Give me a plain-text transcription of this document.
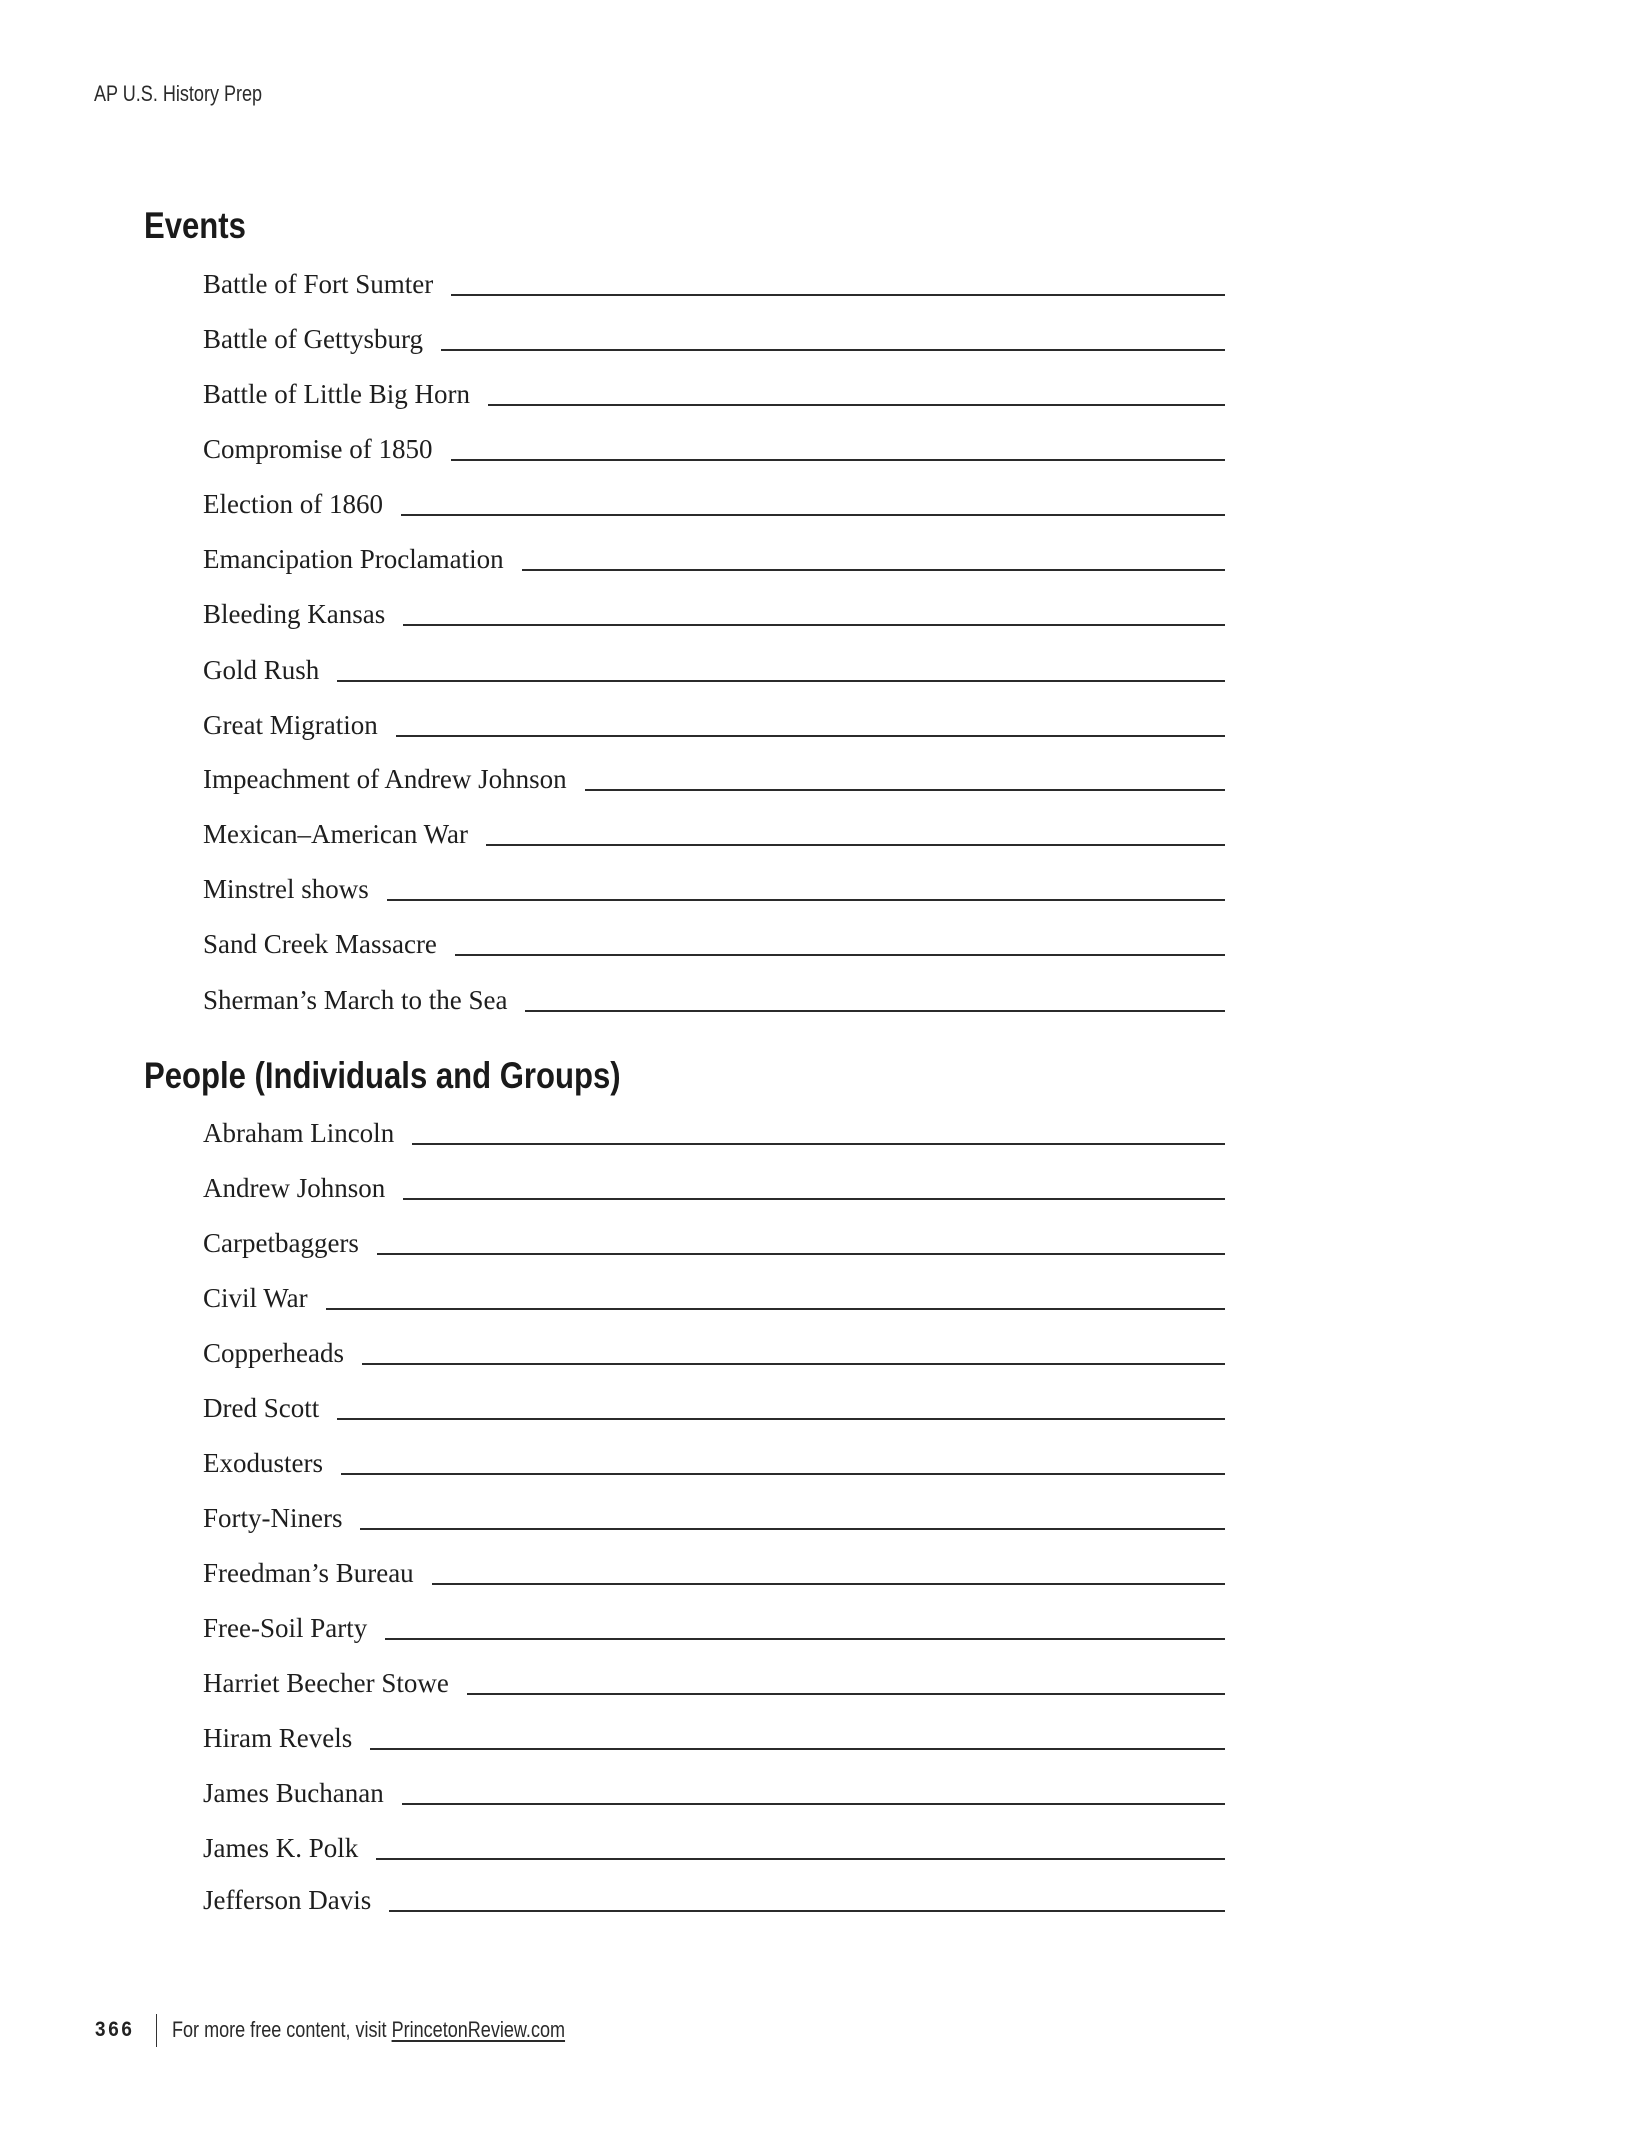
AP U.S. History Prep
Events
Battle of Fort Sumter
Battle of Gettysburg
Battle of Little Big Horn
Compromise of 1850
Election of 1860
Emancipation Proclamation
Bleeding Kansas
Gold Rush
Great Migration
Impeachment of Andrew Johnson
Mexican–American War
Minstrel shows
Sand Creek Massacre
Sherman’s March to the Sea
People (Individuals and Groups)
Abraham Lincoln
Andrew Johnson
Carpetbaggers
Civil War
Copperheads
Dred Scott
Exodusters
Forty-Niners
Freedman’s Bureau
Free-Soil Party
Harriet Beecher Stowe
Hiram Revels
James Buchanan
James K. Polk
Jefferson Davis
366 For more free content, visit PrincetonReview.com
